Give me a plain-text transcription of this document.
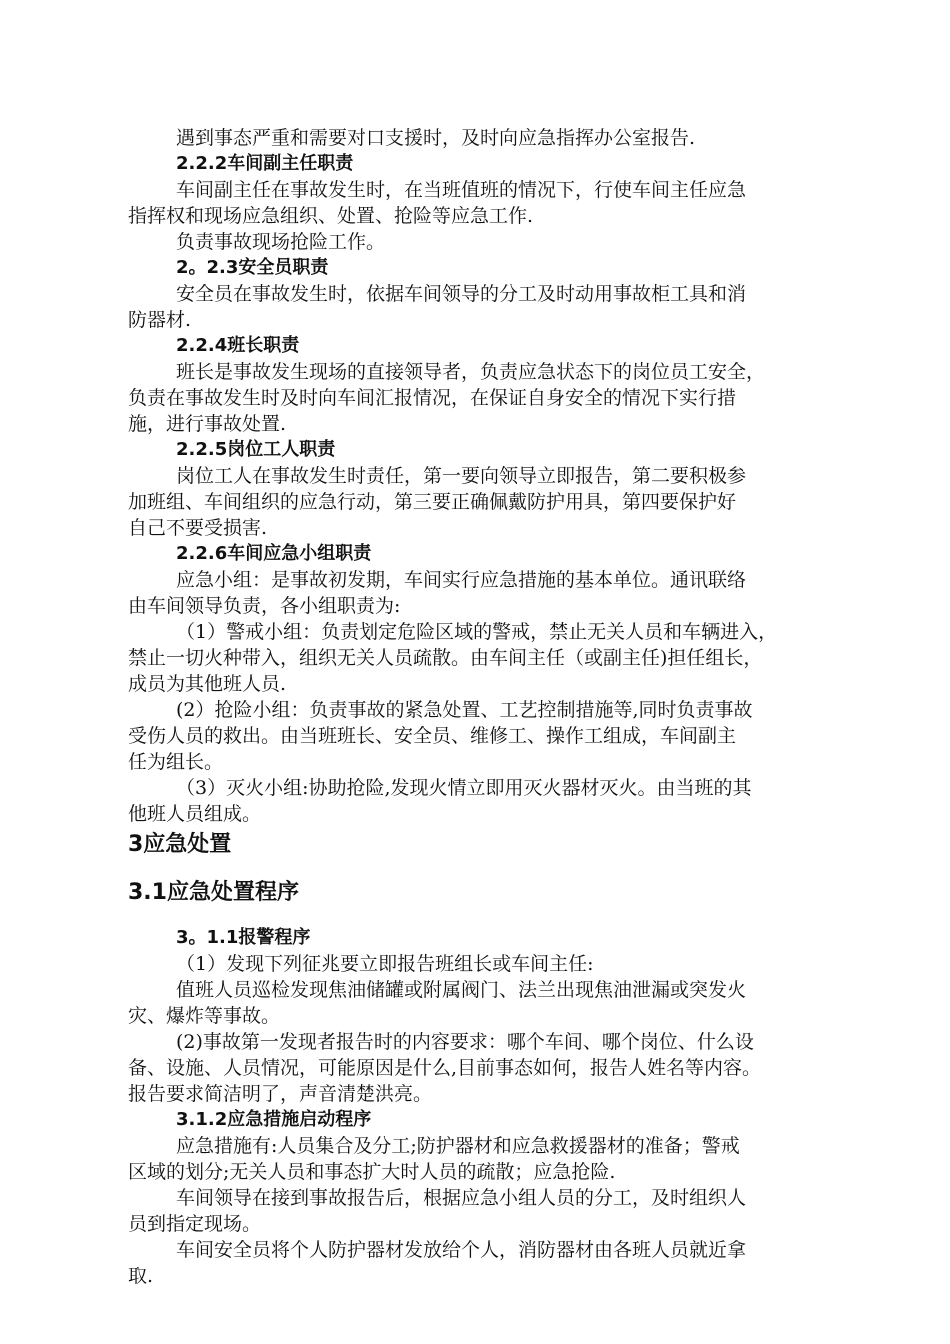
遇到事态严重和需要对口支援时，及时向应急指挥办公室报告.
2.2.2车间副主任职责
车间副主任在事故发生时，在当班值班的情况下，行使车间主任应急
指挥权和现场应急组织、处置、抢险等应急工作.
负责事故现场抢险工作。
2。2.3安全员职责
安全员在事故发生时，依据车间领导的分工及时动用事故柜工具和消
防器材.
2.2.4班长职责
班长是事故发生现场的直接领导者，负责应急状态下的岗位员工安全，
负责在事故发生时及时向车间汇报情况，在保证自身安全的情况下实行措
施，进行事故处置.
2.2.5岗位工人职责
岗位工人在事故发生时责任，第一要向领导立即报告，第二要积极参
加班组、车间组织的应急行动，第三要正确佩戴防护用具，第四要保护好
自己不要受损害.
2.2.6车间应急小组职责
应急小组：是事故初发期，车间实行应急措施的基本单位。通讯联络
由车间领导负责，各小组职责为:
（1）警戒小组：负责划定危险区域的警戒，禁止无关人员和车辆进入，
禁止一切火种带入，组织无关人员疏散。由车间主任（或副主任)担任组长，
成员为其他班人员.
(2）抢险小组：负责事故的紧急处置、工艺控制措施等,同时负责事故
受伤人员的救出。由当班班长、安全员、维修工、操作工组成，车间副主
任为组长。
（3）灭火小组:协助抢险,发现火情立即用灭火器材灭火。由当班的其
他班人员组成。
3应急处置
3.1应急处置程序
3。1.1报警程序
（1）发现下列征兆要立即报告班组长或车间主任:
值班人员巡检发现焦油储罐或附属阀门、法兰出现焦油泄漏或突发火
灾、爆炸等事故。
(2)事故第一发现者报告时的内容要求：哪个车间、哪个岗位、什么设
备、设施、人员情况，可能原因是什么,目前事态如何，报告人姓名等内容。
报告要求简洁明了，声音清楚洪亮。
3.1.2应急措施启动程序
应急措施有:人员集合及分工;防护器材和应急救援器材的准备；警戒
区域的划分;无关人员和事态扩大时人员的疏散；应急抢险.
车间领导在接到事故报告后，根据应急小组人员的分工，及时组织人
员到指定现场。
车间安全员将个人防护器材发放给个人，消防器材由各班人员就近拿
取.
